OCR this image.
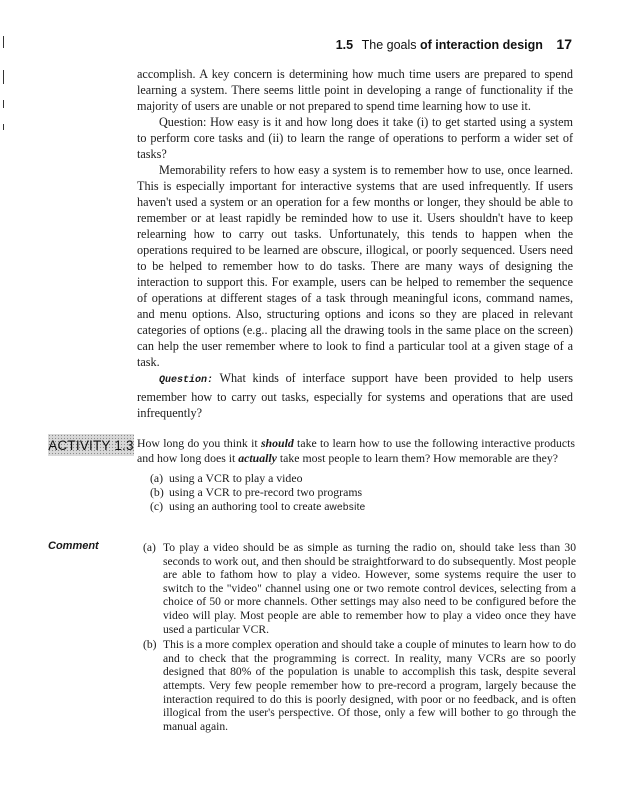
1.5 The goals of interaction design 17

accomplish. A key concern is determining how much time users are prepared to spend learning a system. There seems little point in developing a range of functionality if the majority of users are unable or not prepared to spend time learning how to use it.

Question: How easy is it and how long does it take (i) to get started using a system to perform core tasks and (ii) to learn the range of operations to perform a wider set of tasks?

Memorability refers to how easy a system is to remember how to use, once learned. This is especially important for interactive systems that are used infrequently. If users haven't used a system or an operation for a few months or longer, they should be able to remember or at least rapidly be reminded how to use it. Users shouldn't have to keep relearning how to carry out tasks. Unfortunately, this tends to happen when the operations required to be learned are obscure, illogical, or poorly sequenced. Users need to be helped to remember how to do tasks. There are many ways of designing the interaction to support this. For example, users can be helped to remember the sequence of operations at different stages of a task through meaningful icons, command names, and menu options. Also, structuring options and icons so they are placed in relevant categories of options (e.g.. placing all the drawing tools in the same place on the screen) can help the user remember where to look to find a particular tool at a given stage of a task.

Question: What kinds of interface support have been provided to help users remember how to carry out tasks, especially for systems and operations that are used infrequently?

ACTIVITY 1.3 How long do you think it should take to learn how to use the following interactive products and how long does it actually take most people to learn them? How memorable are they?
(a) using a VCR to play a video
(b) using a VCR to pre-record two programs
(c) using an authoring tool to create awebsite
Comment	(a) To play a video should be as simple as turning the radio on, should take less than 30 seconds to work out, and then should be straightforward to do subsequently. Most people are able to fathom how to play a video. However, some systems require the user to switch to the "video" channel using one or two remote control devices, selecting from a choice of 50 or more channels. Other settings may also need to be configured before the video will play. Most people are able to remember how to play a video once they have used a particular VCR.
(b) This is a more complex operation and should take a couple of minutes to learn how to do and to check that the programming is correct. In reality, many VCRs are so poorly designed that 80% of the population is unable to accomplish this task, despite several attempts. Very few people remember how to pre-record a program, largely because the interaction required to do this is poorly designed, with poor or no feedback, and is often illogical from the user's perspective. Of those, only a few will bother to go through the manual again.
